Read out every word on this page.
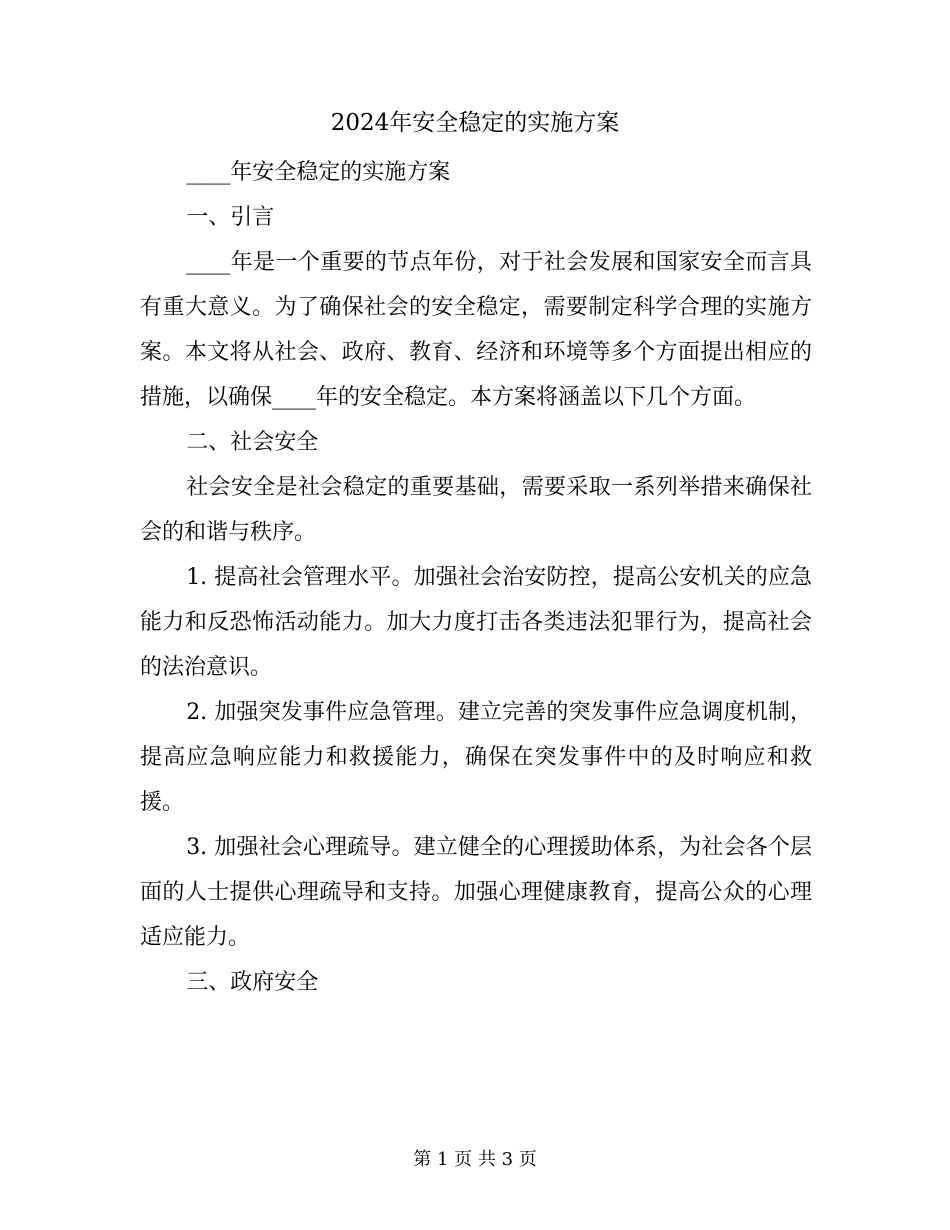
2024年安全稳定的实施方案

____年安全稳定的实施方案

一、引言

____年是一个重要的节点年份，对于社会发展和国家安全而言具有重大意义。为了确保社会的安全稳定，需要制定科学合理的实施方案。本文将从社会、政府、教育、经济和环境等多个方面提出相应的措施，以确保____年的安全稳定。本方案将涵盖以下几个方面。

二、社会安全

社会安全是社会稳定的重要基础，需要采取一系列举措来确保社会的和谐与秩序。

1. 提高社会管理水平。加强社会治安防控，提高公安机关的应急能力和反恐怖活动能力。加大力度打击各类违法犯罪行为，提高社会的法治意识。

2. 加强突发事件应急管理。建立完善的突发事件应急调度机制，提高应急响应能力和救援能力，确保在突发事件中的及时响应和救援。

3. 加强社会心理疏导。建立健全的心理援助体系，为社会各个层面的人士提供心理疏导和支持。加强心理健康教育，提高公众的心理适应能力。

三、政府安全

第 1 页 共 3 页
